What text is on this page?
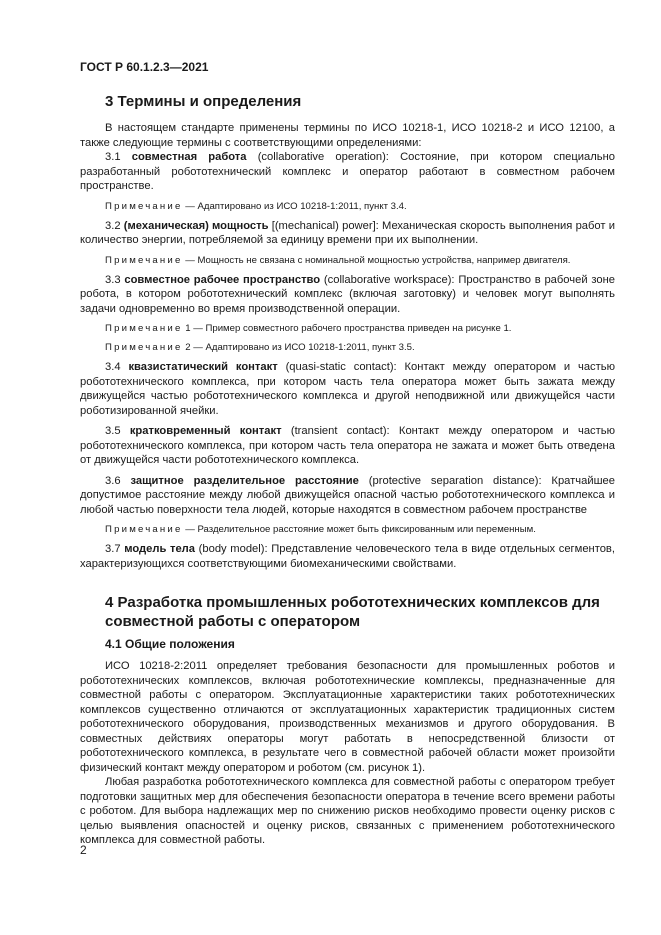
ГОСТ Р 60.1.2.3—2021
3 Термины и определения

В настоящем стандарте применены термины по ИСО 10218-1, ИСО 10218-2 и ИСО 12100, а также следующие термины с соответствующими определениями:

3.1 совместная работа (collaborative operation): Состояние, при котором специально разработанный робототехнический комплекс и оператор работают в совместном рабочем пространстве.

Примечание — Адаптировано из ИСО 10218-1:2011, пункт 3.4.

3.2 (механическая) мощность [(mechanical) power]: Механическая скорость выполнения работ и количество энергии, потребляемой за единицу времени при их выполнении.

Примечание — Мощность не связана с номинальной мощностью устройства, например двигателя.

3.3 совместное рабочее пространство (collaborative workspace): Пространство в рабочей зоне робота, в котором робототехнический комплекс (включая заготовку) и человек могут выполнять задачи одновременно во время производственной операции.

Примечание 1 — Пример совместного рабочего пространства приведен на рисунке 1.
Примечание 2 — Адаптировано из ИСО 10218-1:2011, пункт 3.5.

3.4 квазистатический контакт (quasi-static contact): Контакт между оператором и частью робототехнического комплекса, при котором часть тела оператора может быть зажата между движущейся частью робототехнического комплекса и другой неподвижной или движущейся части роботизированной ячейки.

3.5 кратковременный контакт (transient contact): Контакт между оператором и частью робототехнического комплекса, при котором часть тела оператора не зажата и может быть отведена от движущейся части робототехнического комплекса.

3.6 защитное разделительное расстояние (protective separation distance): Кратчайшее допустимое расстояние между любой движущейся опасной частью робототехнического комплекса и любой частью поверхности тела людей, которые находятся в совместном рабочем пространстве

Примечание — Разделительное расстояние может быть фиксированным или переменным.

3.7 модель тела (body model): Представление человеческого тела в виде отдельных сегментов, характеризующихся соответствующими биомеханическими свойствами.

4 Разработка промышленных робототехнических комплексов для совместной работы с оператором
4.1 Общие положения

ИСО 10218-2:2011 определяет требования безопасности для промышленных роботов и робототехнических комплексов, включая робототехнические комплексы, предназначенные для совместной работы с оператором. Эксплуатационные характеристики таких робототехнических комплексов существенно отличаются от эксплуатационных характеристик традиционных систем робототехнического оборудования, производственных механизмов и другого оборудования. В совместных действиях операторы могут работать в непосредственной близости от робототехнического комплекса, в результате чего в совместной рабочей области может произойти физический контакт между оператором и роботом (см. рисунок 1).

Любая разработка робототехнического комплекса для совместной работы с оператором требует подготовки защитных мер для обеспечения безопасности оператора в течение всего времени работы с роботом. Для выбора надлежащих мер по снижению рисков необходимо провести оценку рисков с целью выявления опасностей и оценку рисков, связанных с применением робототехнического комплекса для совместной работы.

2
